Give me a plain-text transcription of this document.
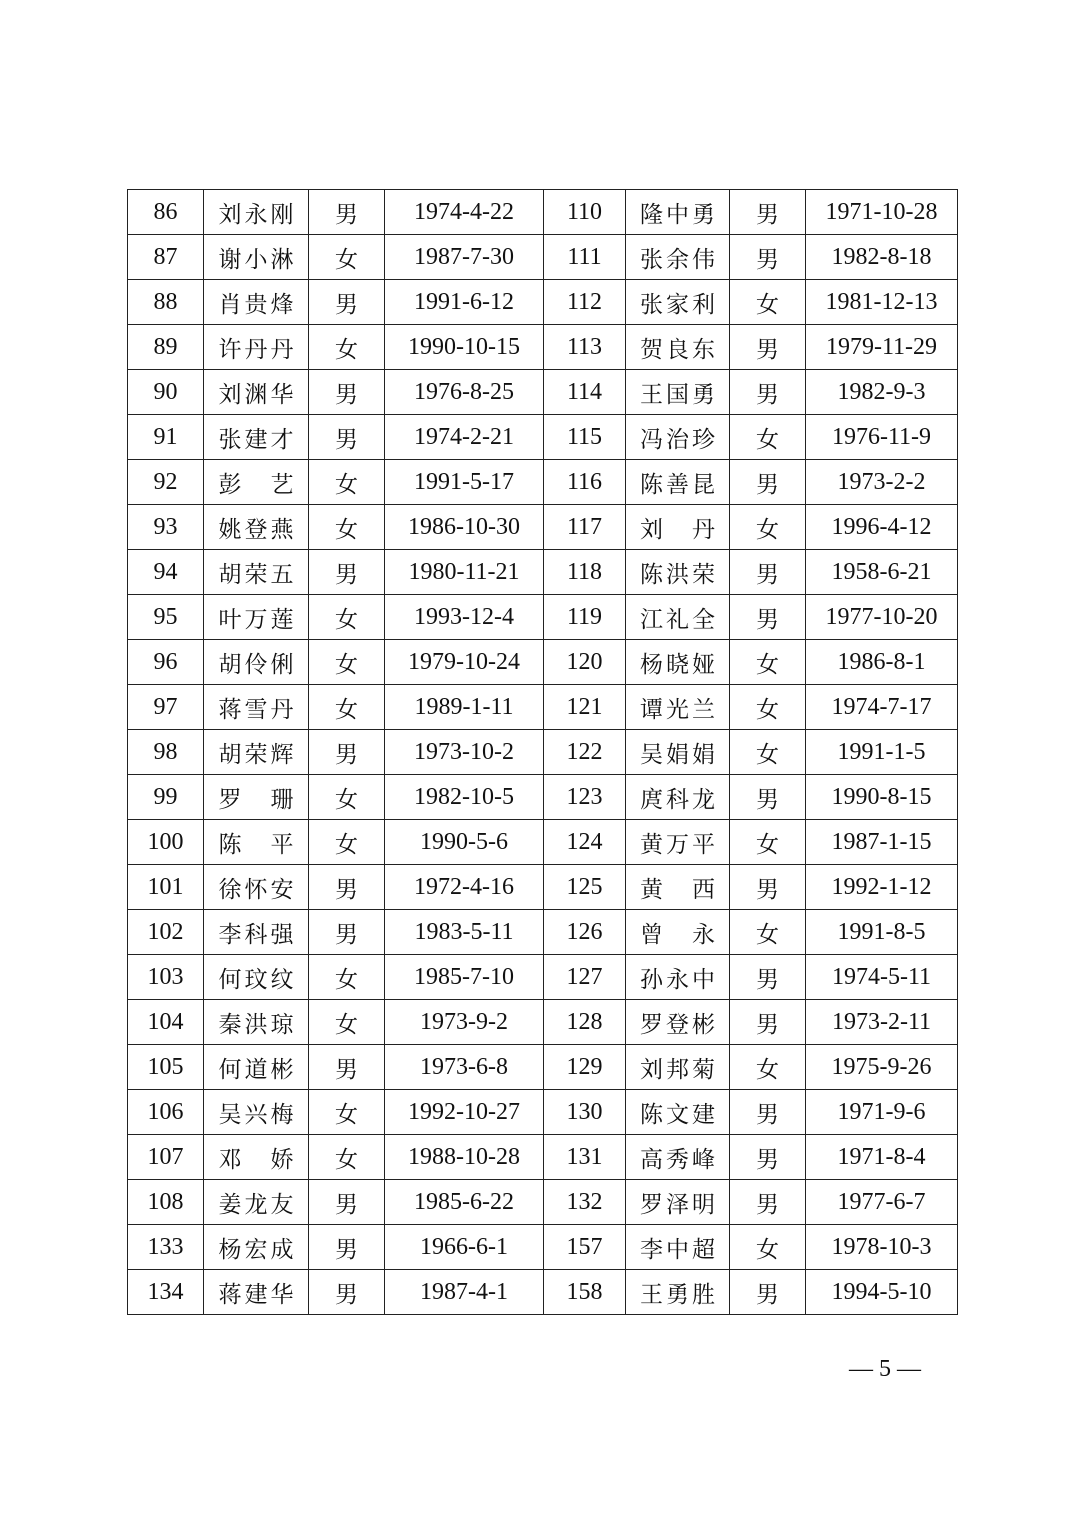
86	刘永刚	男	1974-4-22	110	隆中勇	男	1971-10-28
87	谢小淋	女	1987-7-30	111	张余伟	男	1982-8-18
88	肖贵烽	男	1991-6-12	112	张家利	女	1981-12-13
89	许丹丹	女	1990-10-15	113	贺良东	男	1979-11-29
90	刘渊华	男	1976-8-25	114	王国勇	男	1982-9-3
91	张建才	男	1974-2-21	115	冯治珍	女	1976-11-9
92	彭　艺	女	1991-5-17	116	陈善昆	男	1973-2-2
93	姚登燕	女	1986-10-30	117	刘　丹	女	1996-4-12
94	胡荣五	男	1980-11-21	118	陈洪荣	男	1958-6-21
95	叶万莲	女	1993-12-4	119	江礼全	男	1977-10-20
96	胡伶俐	女	1979-10-24	120	杨晓娅	女	1986-8-1
97	蒋雪丹	女	1989-1-11	121	谭光兰	女	1974-7-17
98	胡荣辉	男	1973-10-2	122	吴娟娟	女	1991-1-5
99	罗　珊	女	1982-10-5	123	庹科龙	男	1990-8-15
100	陈　平	女	1990-5-6	124	黄万平	女	1987-1-15
101	徐怀安	男	1972-4-16	125	黄　西	男	1992-1-12
102	李科强	男	1983-5-11	126	曾　永	女	1991-8-5
103	何玟纹	女	1985-7-10	127	孙永中	男	1974-5-11
104	秦洪琼	女	1973-9-2	128	罗登彬	男	1973-2-11
105	何道彬	男	1973-6-8	129	刘邦菊	女	1975-9-26
106	吴兴梅	女	1992-10-27	130	陈文建	男	1971-9-6
107	邓　娇	女	1988-10-28	131	高秀峰	男	1971-8-4
108	姜龙友	男	1985-6-22	132	罗泽明	男	1977-6-7
133	杨宏成	男	1966-6-1	157	李中超	女	1978-10-3
134	蒋建华	男	1987-4-1	158	王勇胜	男	1994-5-10
— 5 —
